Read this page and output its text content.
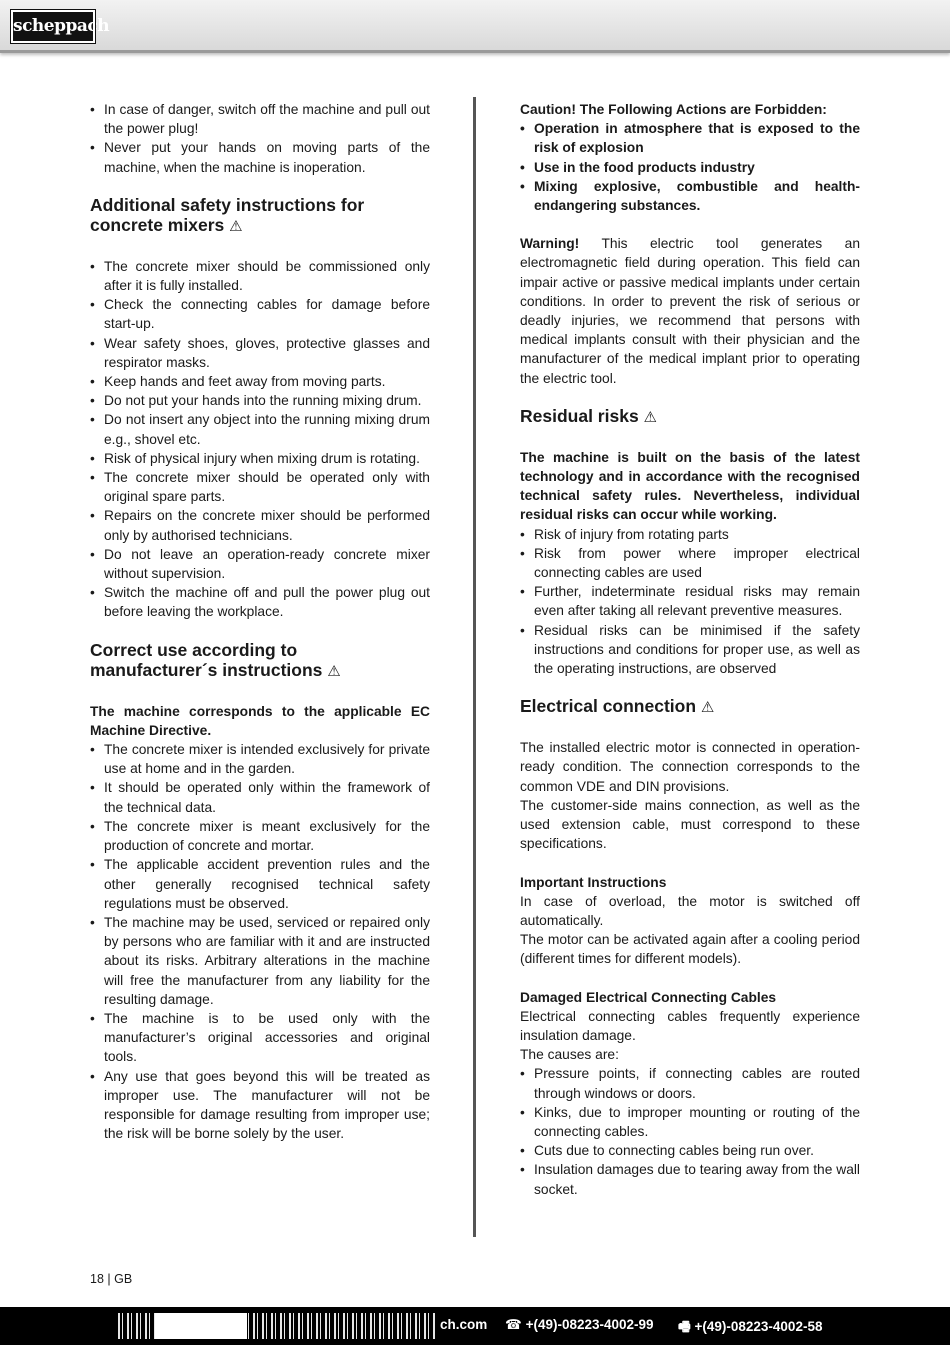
scheppach
• In case of danger, switch off the machine and pull out the power plug!
• Never put your hands on moving parts of the machine, when the machine is inoperation.
Additional safety instructions for
concrete mixers ⚠
• The concrete mixer should be commissioned only after it is fully installed.
• Check the connecting cables for damage before start-up.
• Wear safety shoes, gloves, protective glasses and respirator masks.
• Keep hands and feet away from moving parts.
• Do not put your hands into the running mixing drum.
• Do not insert any object into the running mixing drum e.g., shovel etc.
• Risk of physical injury when mixing drum is rotating.
• The concrete mixer should be operated only with original spare parts.
• Repairs on the concrete mixer should be performed only by authorised technicians.
• Do not leave an operation-ready concrete mixer without supervision.
• Switch the machine off and pull the power plug out before leaving the workplace.
Correct use according to
manufacturer´s instructions ⚠

The machine corresponds to the applicable EC Machine Directive.

• The concrete mixer is intended exclusively for private use at home and in the garden.
• It should be operated only within the framework of the technical data.
• The concrete mixer is meant exclusively for the production of concrete and mortar.
• The applicable accident prevention rules and the other generally recognised technical safety regulations must be observed.
• The machine may be used, serviced or repaired only by persons who are familiar with it and are instructed about its risks. Arbitrary alterations in the machine will free the manufacturer from any liability for the resulting damage.
• The machine is to be used only with the manufacturer’s original accessories and original tools.
• Any use that goes beyond this will be treated as improper use. The manufacturer will not be responsible for damage resulting from improper use; the risk will be borne solely by the user.

Caution! The Following Actions are Forbidden:

• Operation in atmosphere that is exposed to the risk of explosion
• Use in the food products industry
• Mixing explosive, combustible and health-endangering substances.

Warning! This electric tool generates an electromagnetic field during operation. This field can impair active or passive medical implants under certain conditions. In order to prevent the risk of serious or deadly injuries, we recommend that persons with medical implants consult with their physician and the manufacturer of the medical implant prior to operating the electric tool.

Residual risks ⚠

The machine is built on the basis of the latest technology and in accordance with the recognised technical safety rules. Nevertheless, individual residual risks can occur while working.

• Risk of injury from rotating parts
• Risk from power where improper electrical connecting cables are used
• Further, indeterminate residual risks may remain even after taking all relevant preventive measures.
• Residual risks can be minimised if the safety instructions and conditions for proper use, as well as the operating instructions, are observed
Electrical connection ⚠

The installed electric motor is connected in operation-ready condition. The connection corresponds to the common VDE and DIN provisions.

The customer-side mains connection, as well as the used extension cable, must correspond to these specifications.

Important Instructions

In case of overload, the motor is switched off automatically.

The motor can be activated again after a cooling period (different times for different models).

Damaged Electrical Connecting Cables

Electrical connecting cables frequently experience insulation damage.

The causes are:

• Pressure points, if connecting cables are routed through windows or doors.
• Kinks, due to improper mounting or routing of the connecting cables.
• Cuts due to connecting cables being run over.
• Insulation damages due to tearing away from the wall socket.
18 | GB
ch.com ☎ +(49)-08223-4002-99 🖷 +(49)-08223-4002-58
